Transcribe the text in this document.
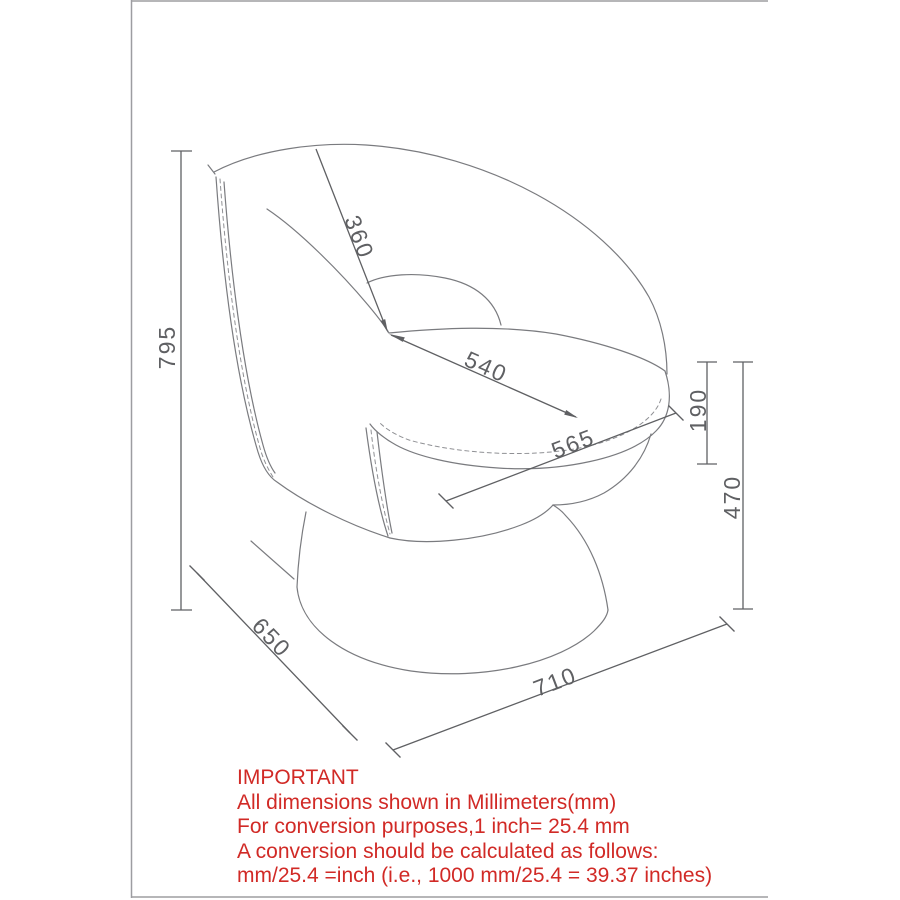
795
360
540
565
190
470
650
710
IMPORTANT
All dimensions shown in Millimeters(mm)
For conversion purposes,1 inch= 25.4 mm
A conversion should be calculated as follows:
mm/25.4 =inch (i.e., 1000 mm/25.4 = 39.37 inches)
